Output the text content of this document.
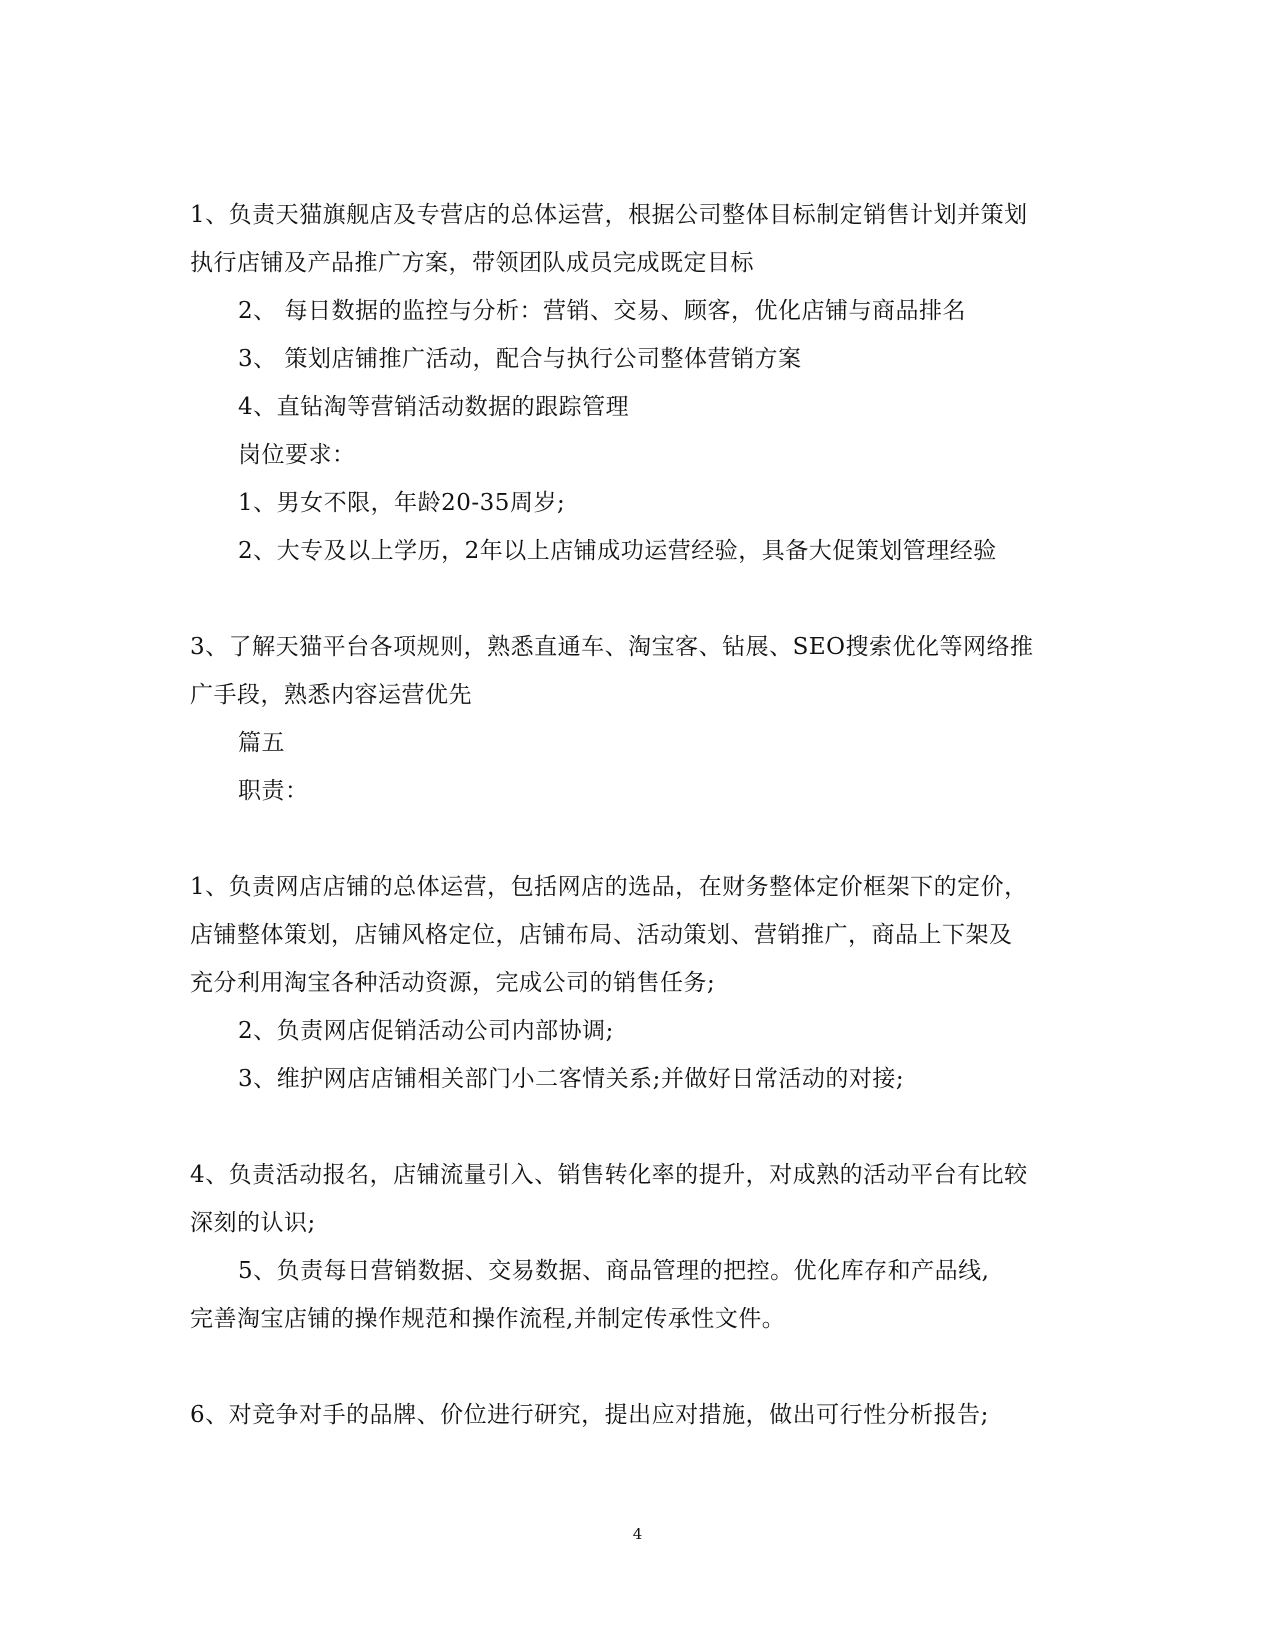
1、负责天猫旗舰店及专营店的总体运营，根据公司整体目标制定销售计划并策划
执行店铺及产品推广方案，带领团队成员完成既定目标
2、 每日数据的监控与分析：营销、交易、顾客，优化店铺与商品排名
3、 策划店铺推广活动，配合与执行公司整体营销方案
4、直钻淘等营销活动数据的跟踪管理
岗位要求：
1、男女不限，年龄20-35周岁;
2、大专及以上学历，2年以上店铺成功运营经验，具备大促策划管理经验
3、了解天猫平台各项规则，熟悉直通车、淘宝客、钻展、SEO搜索优化等网络推
广手段，熟悉内容运营优先
篇五
职责：
1、负责网店店铺的总体运营，包括网店的选品，在财务整体定价框架下的定价，
店铺整体策划，店铺风格定位，店铺布局、活动策划、营销推广，商品上下架及
充分利用淘宝各种活动资源，完成公司的销售任务;
2、负责网店促销活动公司内部协调;
3、维护网店店铺相关部门小二客情关系;并做好日常活动的对接;
4、负责活动报名，店铺流量引入、销售转化率的提升，对成熟的活动平台有比较
深刻的认识;
5、负责每日营销数据、交易数据、商品管理的把控。优化库存和产品线,
完善淘宝店铺的操作规范和操作流程,并制定传承性文件。
6、对竞争对手的品牌、价位进行研究，提出应对措施，做出可行性分析报告;
4
